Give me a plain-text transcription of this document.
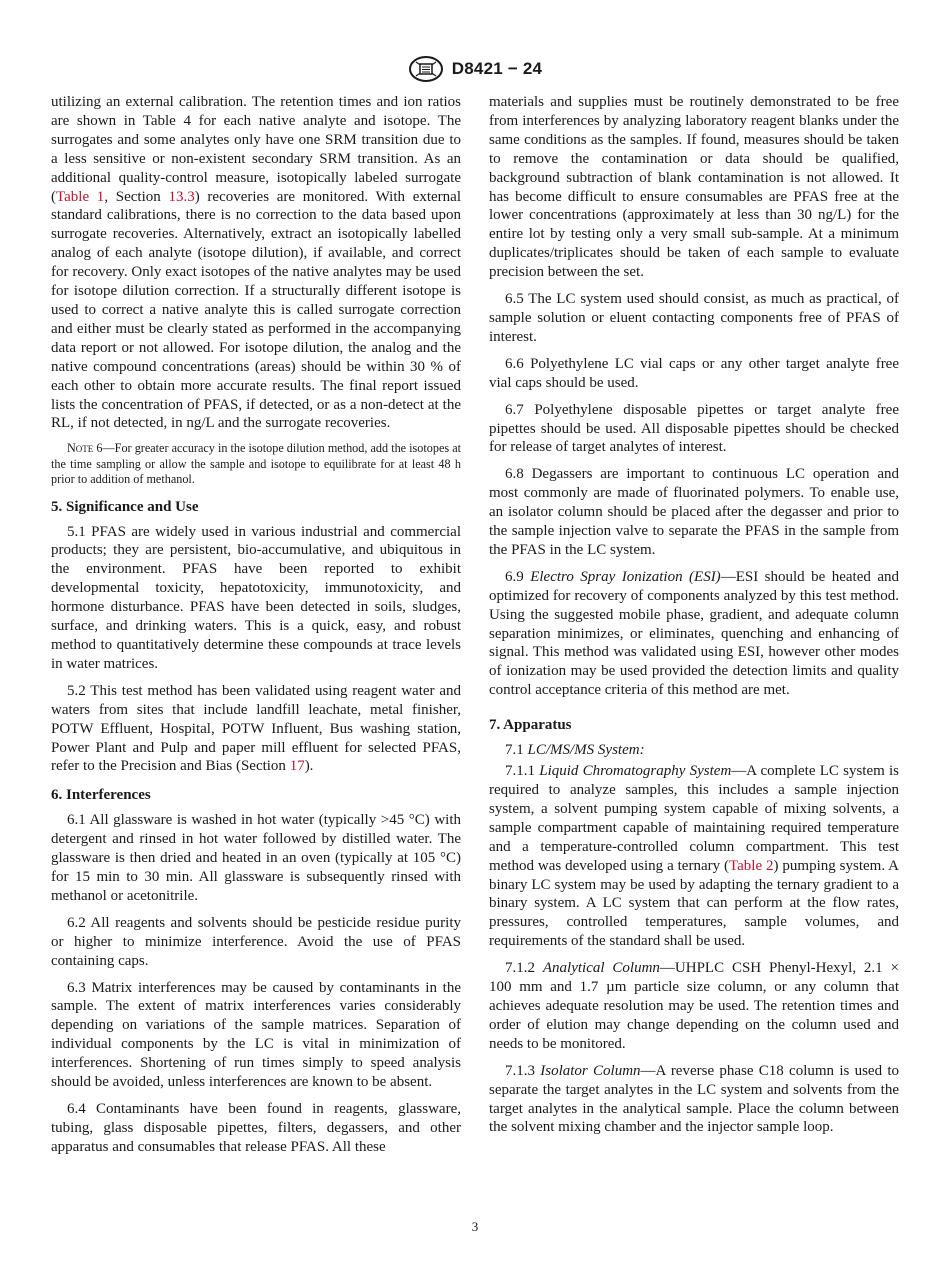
D8421 − 24

utilizing an external calibration. The retention times and ion ratios are shown in Table 4 for each native analyte and isotope. The surrogates and some analytes only have one SRM transition due to a less sensitive or non-existent secondary SRM transition. As an additional quality-control measure, isotopically labeled surrogate (Table 1, Section 13.3) recoveries are monitored. With external standard calibrations, there is no correction to the data based upon surrogate recoveries. Alternatively, extract an isotopically labelled analog of each analyte (isotope dilution), if available, and correct for recovery. Only exact isotopes of the native analytes may be used for isotope dilution correction. If a structurally different isotope is used to correct a native analyte this is called surrogate correction and either must be clearly stated as performed in the accompanying data report or not allowed. For isotope dilution, the analog and the native compound concentrations (areas) should be within 30 % of each other to obtain more accurate results. The final report issued lists the concentration of PFAS, if detected, or as a non-detect at the RL, if not detected, in ng/L and the surrogate recoveries.

Note 6—For greater accuracy in the isotope dilution method, add the isotopes at the time sampling or allow the sample and isotope to equilibrate for at least 48 h prior to addition of methanol.
5. Significance and Use

5.1 PFAS are widely used in various industrial and commercial products; they are persistent, bio-accumulative, and ubiquitous in the environment. PFAS have been reported to exhibit developmental toxicity, hepatotoxicity, immunotoxicity, and hormone disturbance. PFAS have been detected in soils, sludges, surface, and drinking waters. This is a quick, easy, and robust method to quantitatively determine these compounds at trace levels in water matrices.

5.2 This test method has been validated using reagent water and waters from sites that include landfill leachate, metal finisher, POTW Effluent, Hospital, POTW Influent, Bus washing station, Power Plant and Pulp and paper mill effluent for selected PFAS, refer to the Precision and Bias (Section 17).

6. Interferences

6.1 All glassware is washed in hot water (typically >45 °C) with detergent and rinsed in hot water followed by distilled water. The glassware is then dried and heated in an oven (typically at 105 °C) for 15 min to 30 min. All glassware is subsequently rinsed with methanol or acetonitrile.

6.2 All reagents and solvents should be pesticide residue purity or higher to minimize interference. Avoid the use of PFAS containing caps.

6.3 Matrix interferences may be caused by contaminants in the sample. The extent of matrix interferences varies considerably depending on variations of the sample matrices. Separation of individual components by the LC is vital in minimization of interferences. Shortening of run times simply to speed analysis should be avoided, unless interferences are known to be absent.

6.4 Contaminants have been found in reagents, glassware, tubing, glass disposable pipettes, filters, degassers, and other apparatus and consumables that release PFAS. All these

materials and supplies must be routinely demonstrated to be free from interferences by analyzing laboratory reagent blanks under the same conditions as the samples. If found, measures should be taken to remove the contamination or data should be qualified, background subtraction of blank contamination is not allowed. It has become difficult to ensure consumables are PFAS free at the lower concentrations (approximately at less than 30 ng/L) for the entire lot by testing only a very small sub-sample. At a minimum duplicates/triplicates should be taken of each sample to evaluate precision between the set.

6.5 The LC system used should consist, as much as practical, of sample solution or eluent contacting components free of PFAS of interest.

6.6 Polyethylene LC vial caps or any other target analyte free vial caps should be used.

6.7 Polyethylene disposable pipettes or target analyte free pipettes should be used. All disposable pipettes should be checked for release of target analytes of interest.

6.8 Degassers are important to continuous LC operation and most commonly are made of fluorinated polymers. To enable use, an isolator column should be placed after the degasser and prior to the sample injection valve to separate the PFAS in the sample from the PFAS in the LC system.

6.9 Electro Spray Ionization (ESI)—ESI should be heated and optimized for recovery of components analyzed by this test method. Using the suggested mobile phase, gradient, and adequate column separation minimizes, or eliminates, quenching and enhancing of signal. This method was validated using ESI, however other modes of ionization may be used provided the detection limits and quality control acceptance criteria of this method are met.

7. Apparatus

7.1 LC/MS/MS System:

7.1.1 Liquid Chromatography System—A complete LC system is required to analyze samples, this includes a sample injection system, a solvent pumping system capable of mixing solvents, a sample compartment capable of maintaining required temperature and a temperature-controlled column compartment. This test method was developed using a ternary (Table 2) pumping system. A binary LC system may be used by adapting the ternary gradient to a binary system. A LC system that can perform at the flow rates, pressures, controlled temperatures, sample volumes, and requirements of the standard shall be used.

7.1.2 Analytical Column—UHPLC CSH Phenyl-Hexyl, 2.1 × 100 mm and 1.7 µm particle size column, or any column that achieves adequate resolution may be used. The retention times and order of elution may change depending on the column used and needs to be monitored.

7.1.3 Isolator Column—A reverse phase C18 column is used to separate the target analytes in the LC system and solvents from the target analytes in the analytical sample. Place the column between the solvent mixing chamber and the injector sample loop.

3
